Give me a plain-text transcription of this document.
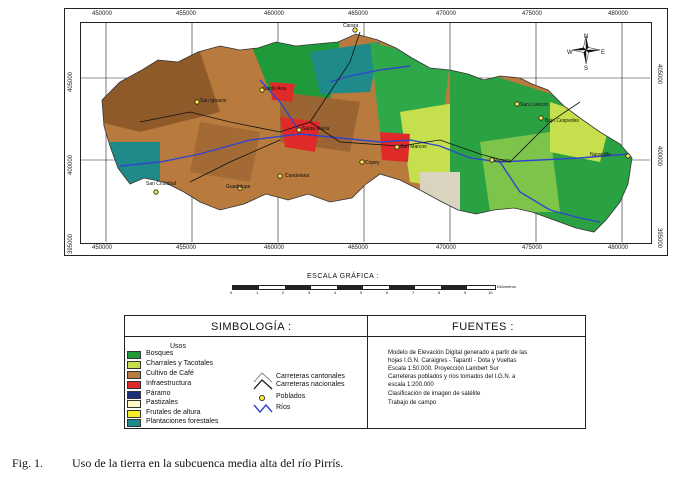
450000	455000	460000	465000	470000	475000	480000
450000	455000	460000	465000	470000	475000	480000
405000
400000
395000
405000
400000
395000
N
S
E
W
Carara
San Ignacio
Santa Ana
Santa María
San Marcos
Copey
Candelaria
Guadalupe
San Cristóbal
Pereira
San Lorenzo
Bajo Cespedes
Naranjillo
ESCALA GRÁFICA :
0	1	2	3	4	5	6	7	8	9	10
Kilómetros
SIMBOLOGÍA :	FUENTES :
Usos
Bosques
Charrales y Tacotales
Cultivo de Café
Infraestructura
Páramo
Pastizales
Frutales de altura
Plantaciones forestales
Carreteras cantonales
Carreteras nacionales
Poblados
Ríos
Modelo de Elevación Digital generado a partir de las
hojas I.G.N. Caraigres - Tapantí - Dota y Vueltas
Escala 1:50.000. Proyección Lambert Sur
Carreteras poblados y ríos tomados del I.G.N. a
escala 1:200.000
Clasificación de imagen de satélite
Trabajo de campo
Fig. 1. Uso de la tierra en la subcuenca media alta del río Pirrís.
